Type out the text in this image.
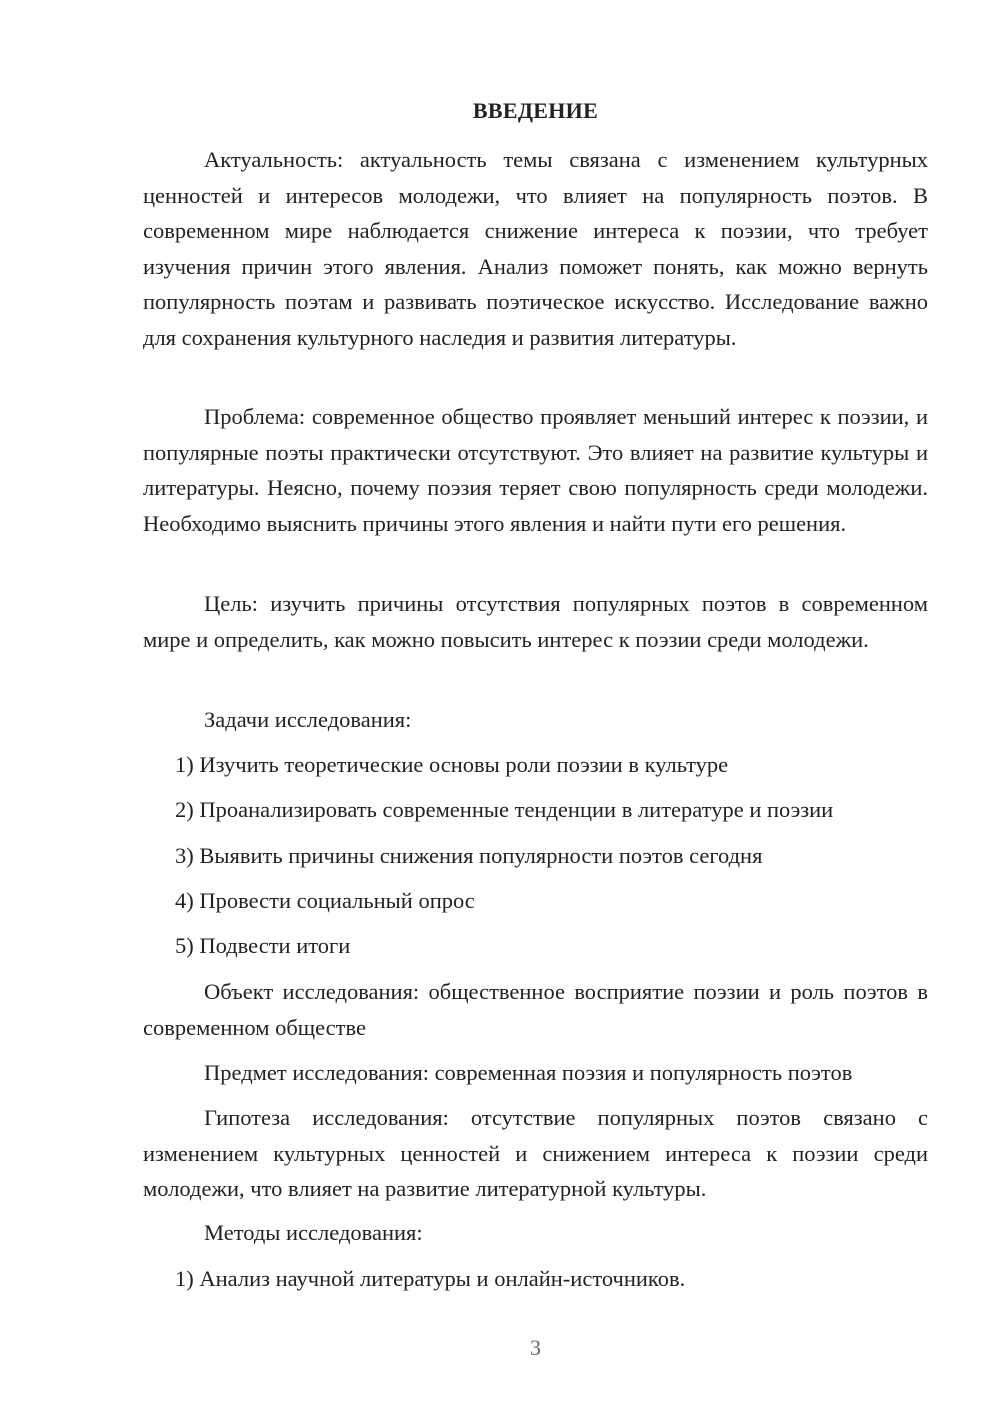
ВВЕДЕНИЕ

Актуальность: актуальность темы связана с изменением культурных ценностей и интересов молодежи, что влияет на популярность поэтов. В современном мире наблюдается снижение интереса к поэзии, что требует изучения причин этого явления. Анализ поможет понять, как можно вернуть популярность поэтам и развивать поэтическое искусство. Исследование важно для сохранения культурного наследия и развития литературы.

Проблема: современное общество проявляет меньший интерес к поэзии, и популярные поэты практически отсутствуют. Это влияет на развитие культуры и литературы. Неясно, почему поэзия теряет свою популярность среди молодежи. Необходимо выяснить причины этого явления и найти пути его решения.

Цель: изучить причины отсутствия популярных поэтов в современном мире и определить, как можно повысить интерес к поэзии среди молодежи.

Задачи исследования:

1) Изучить теоретические основы роли поэзии в культуре

2) Проанализировать современные тенденции в литературе и поэзии

3) Выявить причины снижения популярности поэтов сегодня

4) Провести социальный опрос

5) Подвести итоги

Объект исследования: общественное восприятие поэзии и роль поэтов в современном обществе

Предмет исследования: современная поэзия и популярность поэтов

Гипотеза исследования: отсутствие популярных поэтов связано с изменением культурных ценностей и снижением интереса к поэзии среди молодежи, что влияет на развитие литературной культуры.

Методы исследования:

1) Анализ научной литературы и онлайн-источников.

3
